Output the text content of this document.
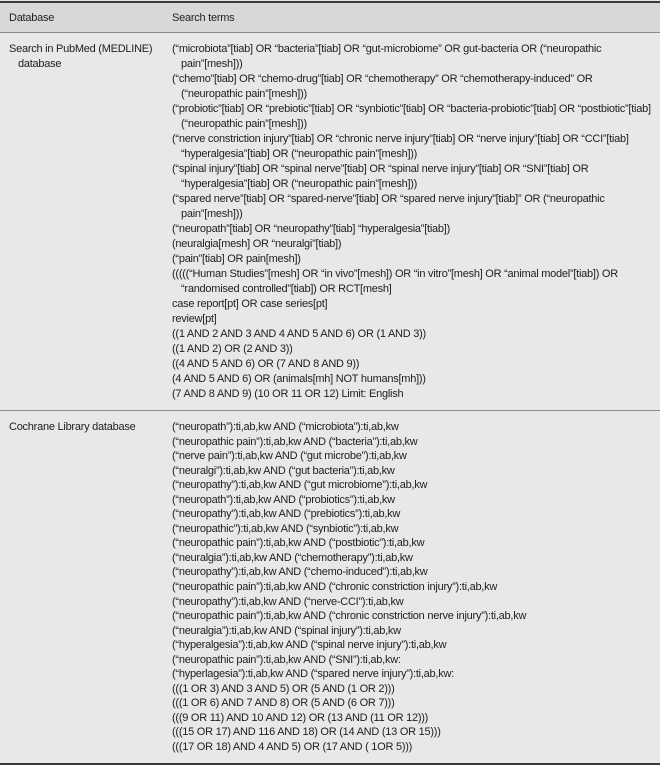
Database	Search terms
Search in PubMed (MEDLINE) database
(“microbiota”[tiab] OR “bacteria”[tiab] OR “gut-microbiome” OR gut-bacteria OR (“neuropathic pain”[mesh]))
(“chemo”[tiab] OR “chemo-drug”[tiab] OR “chemotherapy” OR “chemotherapy-induced” OR (“neuropathic pain”[mesh]))
(“probiotic”[tiab] OR “prebiotic”[tiab] OR “synbiotic”[tiab] OR “bacteria-probiotic”[tiab] OR “postbiotic”[tiab] (“neuropathic pain”[mesh]))
(“nerve constriction injury”[tiab] OR “chronic nerve injury”[tiab] OR “nerve injury”[tiab] OR “CCI”[tiab] “hyperalgesia”[tiab] OR (“neuropathic pain”[mesh]))
(“spinal injury”[tiab] OR “spinal nerve”[tiab] OR “spinal nerve injury”[tiab] OR “SNI”[tiab] OR “hyperalgesia”[tiab] OR (“neuropathic pain”[mesh]))
(“spared nerve”[tiab] OR “spared-nerve”[tiab] OR “spared nerve injury”[tiab]” OR (“neuropathic pain”[mesh]))
(“neuropath”[tiab] OR “neuropathy”[tiab] “hyperalgesia”[tiab])
(neuralgia[mesh] OR “neuralgi”[tiab])
(“pain”[tiab] OR pain[mesh])
(((((“Human Studies”[mesh] OR “in vivo”[mesh]) OR “in vitro”[mesh] OR “animal model”[tiab]) OR “randomised controlled”[tiab]) OR RCT[mesh]
case report[pt] OR case series[pt]
review[pt]
((1 AND 2 AND 3 AND 4 AND 5 AND 6) OR (1 AND 3))
((1 AND 2) OR (2 AND 3))
((4 AND 5 AND 6) OR (7 AND 8 AND 9))
(4 AND 5 AND 6) OR (animals[mh] NOT humans[mh]))
(7 AND 8 AND 9) (10 OR 11 OR 12) Limit: English
Cochrane Library database	(“neuropath”):ti,ab,kw AND (“microbiota”):ti,ab,kw
(“neuropathic pain”):ti,ab,kw AND (“bacteria”):ti,ab,kw
(“nerve pain”):ti,ab,kw AND (“gut microbe”):ti,ab,kw
(“neuralgi”):ti,ab,kw AND (“gut bacteria”):ti,ab,kw
(“neuropathy”):ti,ab,kw AND (“gut microbiome”):ti,ab,kw
(“neuropath”):ti,ab,kw AND (“probiotics”):ti,ab,kw
(“neuropathy”):ti,ab,kw AND (“prebiotics”):ti,ab,kw
(“neuropathic”):ti,ab,kw AND (“synbiotic”):ti,ab,kw
(“neuropathic pain”):ti,ab,kw AND (“postbiotic”):ti,ab,kw
(“neuralgia”):ti,ab,kw AND (“chemotherapy”):ti,ab,kw
(“neuropathy”):ti,ab,kw AND (“chemo-induced”):ti,ab,kw
(“neuropathic pain”):ti,ab,kw AND (“chronic constriction injury”):ti,ab,kw
(“neuropathy”):ti,ab,kw AND (“nerve-CCI”):ti,ab,kw
(“neuropathic pain”):ti,ab,kw AND (“chronic constriction nerve injury”):ti,ab,kw
(“neuralgia”):ti,ab,kw AND (“spinal injury”):ti,ab,kw
(“hyperalgesia”):ti,ab,kw AND (“spinal nerve injury”):ti,ab,kw
(“neuropathic pain”):ti,ab,kw AND (“SNI”):ti,ab,kw:
(“hyperlagesia”):ti,ab,kw AND (“spared nerve injury”):ti,ab,kw:
(((1 OR 3) AND 3 AND 5) OR (5 AND (1 OR 2)))
(((1 OR 6) AND 7 AND 8) OR (5 AND (6 OR 7)))
(((9 OR 11) AND 10 AND 12) OR (13 AND (11 OR 12)))
(((15 OR 17) AND 116 AND 18) OR (14 AND (13 OR 15)))
(((17 OR 18) AND 4 AND 5) OR (17 AND ( 1OR 5)))
